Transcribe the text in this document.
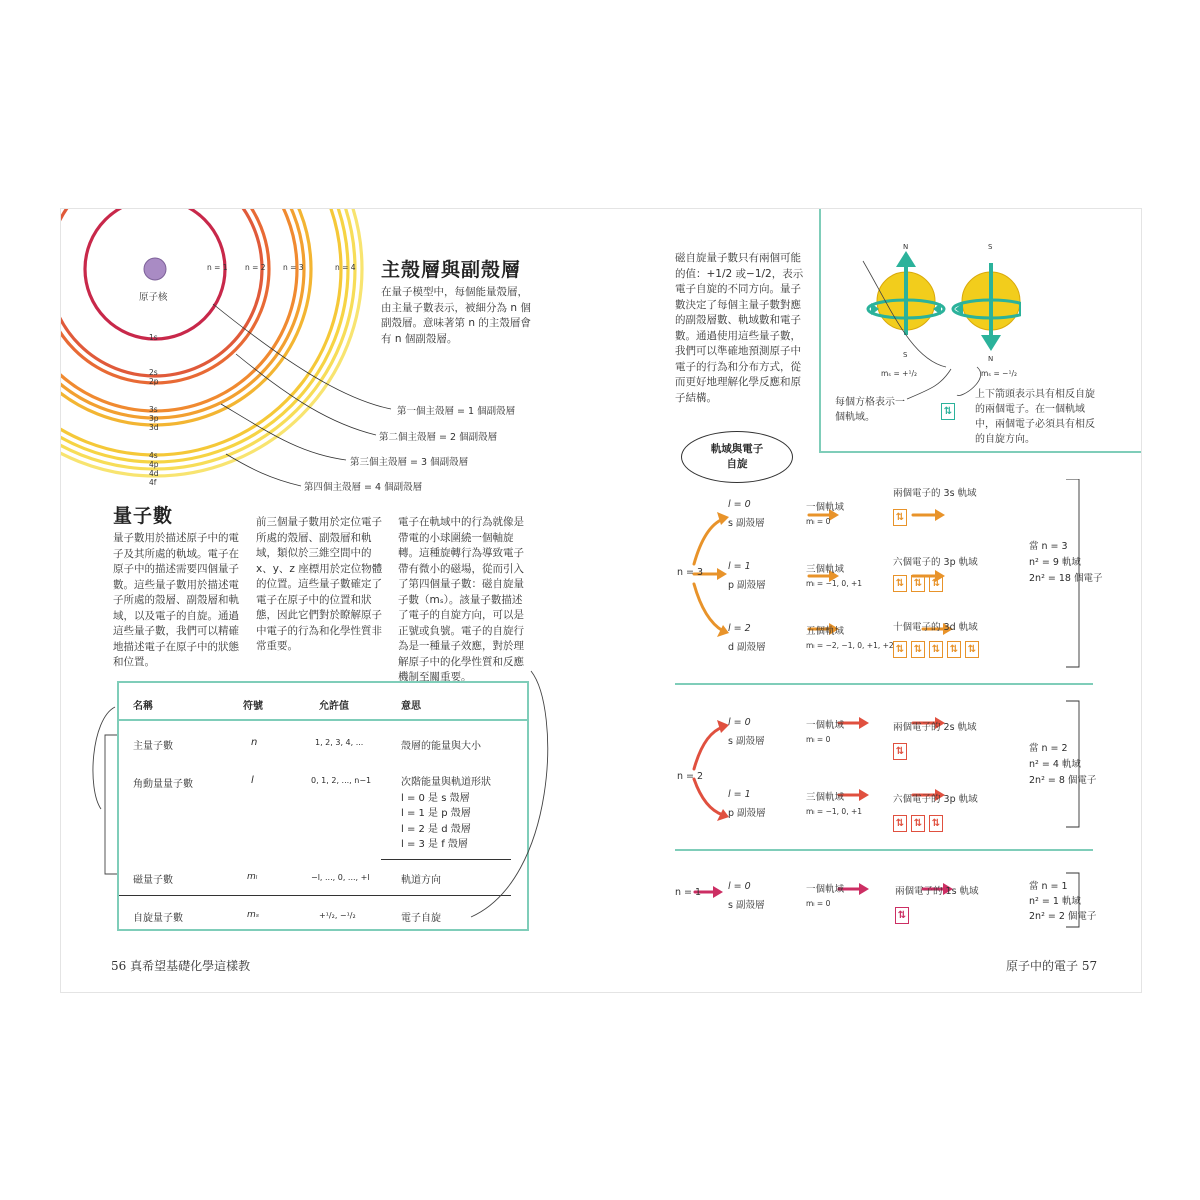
原子核
n = 1 n = 2 n = 3	n = 4
1s
2s
2p
3s
3p
3d
4s
4p
4d
4f
第一個主殼層 = 1 個副殼層
第二個主殼層 = 2 個副殼層
第三個主殼層 = 3 個副殼層
第四個主殼層 = 4 個副殼層
主殼層與副殼層
在量子模型中，每個能量殼層，由主量子數表示，被細分為 n 個副殼層。意味著第 n 的主殼層會有 n 個副殼層。
量子數
量子數用於描述原子中的電子及其所處的軌域。電子在原子中的描述需要四個量子數。這些量子數用於描述電子所處的殼層、副殼層和軌域，以及電子的自旋。通過這些量子數，我們可以精確地描述電子在原子中的狀態和位置。
前三個量子數用於定位電子所處的殼層、副殼層和軌域，類似於三維空間中的 x、y、z 座標用於定位物體的位置。這些量子數確定了電子在原子中的位置和狀態，因此它們對於瞭解原子中電子的行為和化學性質非常重要。
電子在軌域中的行為就像是帶電的小球圍繞一個軸旋轉。這種旋轉行為導致電子帶有微小的磁場，從而引入了第四個量子數：磁自旋量子數（mₛ）。該量子數描述了電子的自旋方向，可以是正號或負號。電子的自旋行為是一種量子效應，對於理解原子中的化學性質和反應機制至關重要。
名稱	符號	允許值	意思
主量子數	n	1, 2, 3, 4, ...	殼層的能量與大小
角動量量子數	l	0, 1, 2, ..., n−1	次階能量與軌道形狀
l = 0 是 s 殼層
l = 1 是 p 殼層
l = 2 是 d 殼層
l = 3 是 f 殼層
磁量子數	mₗ	−l, ..., 0, ..., +l	軌道方向
自旋量子數	mₛ	+¹/₂, −¹/₂	電子自旋
56 真希望基礎化學這樣教
磁自旋量子數只有兩個可能的值：+1/2 或−1/2，表示電子自旋的不同方向。量子數決定了每個主量子數對應的副殼層數、軌域數和電子數。通過使用這些量子數，我們可以準確地預測原子中電子的行為和分布方式，從而更好地理解化學反應和原子結構。
N
S
S
N
mₛ = +¹/₂	mₛ = −¹/₂
⇅
每個方格表示一個軌域。
上下箭頭表示具有相反自旋的兩個電子。在一個軌域中，兩個電子必須具有相反的自旋方向。
軌域與電子自旋
n = 3
l = 0
s 副殼層
一個軌域
mₗ = 0
兩個電子的 3s 軌域
⇅
l = 1
p 副殼層
三個軌域
mₗ = −1, 0, +1
六個電子的 3p 軌域
⇅ ⇅ ⇅
l = 2
d 副殼層
五個軌域
mₗ = −2, −1, 0, +1, +2
十個電子的 3d 軌域
⇅ ⇅ ⇅ ⇅ ⇅
當 n = 3
n² = 9 軌域
2n² = 18 個電子
n = 2
l = 0
s 副殼層
一個軌域
mₗ = 0
兩個電子的 2s 軌域
⇅
l = 1
p 副殼層
三個軌域
mₗ = −1, 0, +1
六個電子的 3p 軌域
⇅ ⇅ ⇅
當 n = 2
n² = 4 軌域
2n² = 8 個電子
n = 1
l = 0
s 副殼層
一個軌域
mₗ = 0
兩個電子的 1s 軌域
⇅
當 n = 1
n² = 1 軌域
2n² = 2 個電子
原子中的電子 57
